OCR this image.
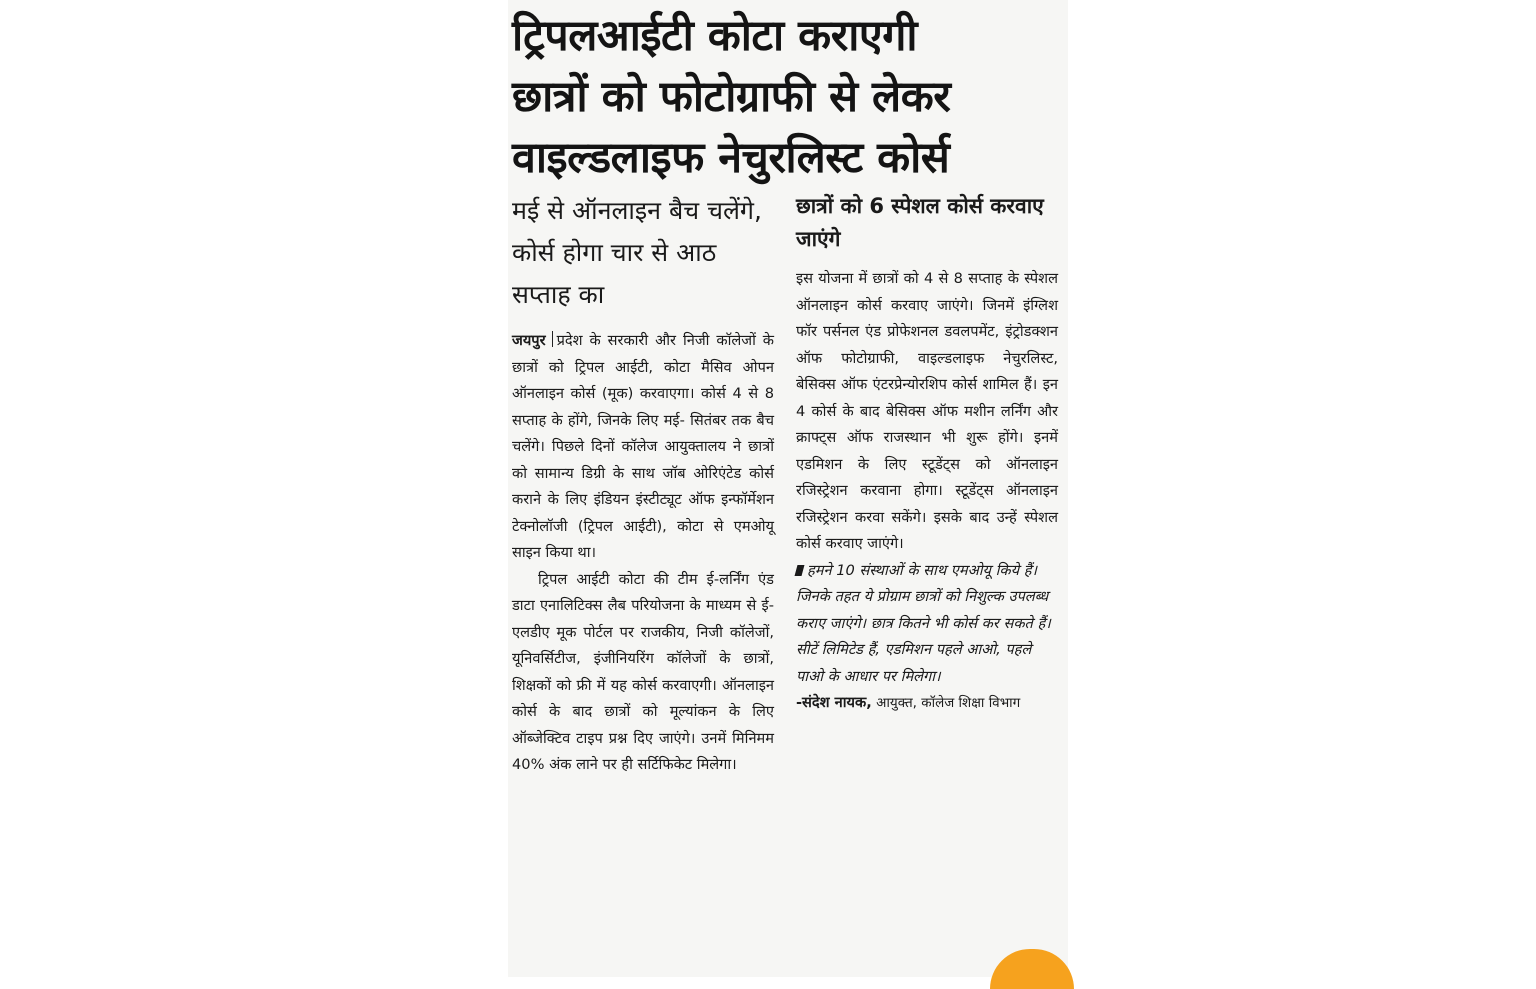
ट्रिपलआईटी कोटा कराएगी
छात्रों को फोटोग्राफी से लेकर
वाइल्डलाइफ नेचुरलिस्ट कोर्स
मई से ऑनलाइन बैच चलेंगे, कोर्स होगा चार से आठ सप्ताह का

जयपुर प्रदेश के सरकारी और निजी कॉलेजों के छात्रों को ट्रिपल आईटी, कोटा मैसिव ओपन ऑनलाइन कोर्स (मूक) करवाएगा। कोर्स 4 से 8 सप्ताह के होंगे, जिनके लिए मई- सितंबर तक बैच चलेंगे। पिछले दिनों कॉलेज आयुक्तालय ने छात्रों को सामान्य डिग्री के साथ जॉब ओरिएंटेड कोर्स कराने के लिए इंडियन इंस्टीट्यूट ऑफ इन्फॉर्मेशन टेक्नोलॉजी (ट्रिपल आईटी), कोटा से एमओयू साइन किया था।

ट्रिपल आईटी कोटा की टीम ई-लर्निंग एंड डाटा एनालिटिक्स लैब परियोजना के माध्यम से ई- एलडीए मूक पोर्टल पर राजकीय, निजी कॉलेजों, यूनिवर्सिटीज, इंजीनियरिंग कॉलेजों के छात्रों, शिक्षकों को फ्री में यह कोर्स करवाएगी। ऑनलाइन कोर्स के बाद छात्रों को मूल्यांकन के लिए ऑब्जेक्टिव टाइप प्रश्न दिए जाएंगे। उनमें मिनिमम 40% अंक लाने पर ही सर्टिफिकेट मिलेगा।

छात्रों को 6 स्पेशल कोर्स करवाए जाएंगे

इस योजना में छात्रों को 4 से 8 सप्ताह के स्पेशल ऑनलाइन कोर्स करवाए जाएंगे। जिनमें इंग्लिश फॉर पर्सनल एंड प्रोफेशनल डवलपमेंट, इंट्रोडक्शन ऑफ फोटोग्राफी, वाइल्डलाइफ नेचुरलिस्ट, बेसिक्स ऑफ एंटरप्रेन्योरशिप कोर्स शामिल हैं। इन 4 कोर्स के बाद बेसिक्स ऑफ मशीन लर्निंग और क्राफ्ट्स ऑफ राजस्थान भी शुरू होंगे। इनमें एडमिशन के लिए स्टूडेंट्स को ऑनलाइन रजिस्ट्रेशन करवाना होगा। स्टूडेंट्स ऑनलाइन रजिस्ट्रेशन करवा सकेंगे। इसके बाद उन्हें स्पेशल कोर्स करवाए जाएंगे।

हमने 10 संस्थाओं के साथ एमओयू किये हैं। जिनके तहत ये प्रोग्राम छात्रों को निशुल्क उपलब्ध कराए जाएंगे। छात्र कितने भी कोर्स कर सकते हैं। सीटें लिमिटेड हैं, एडमिशन पहले आओ, पहले पाओ के आधार पर मिलेगा।

-संदेश नायक, आयुक्त, कॉलेज शिक्षा विभाग
